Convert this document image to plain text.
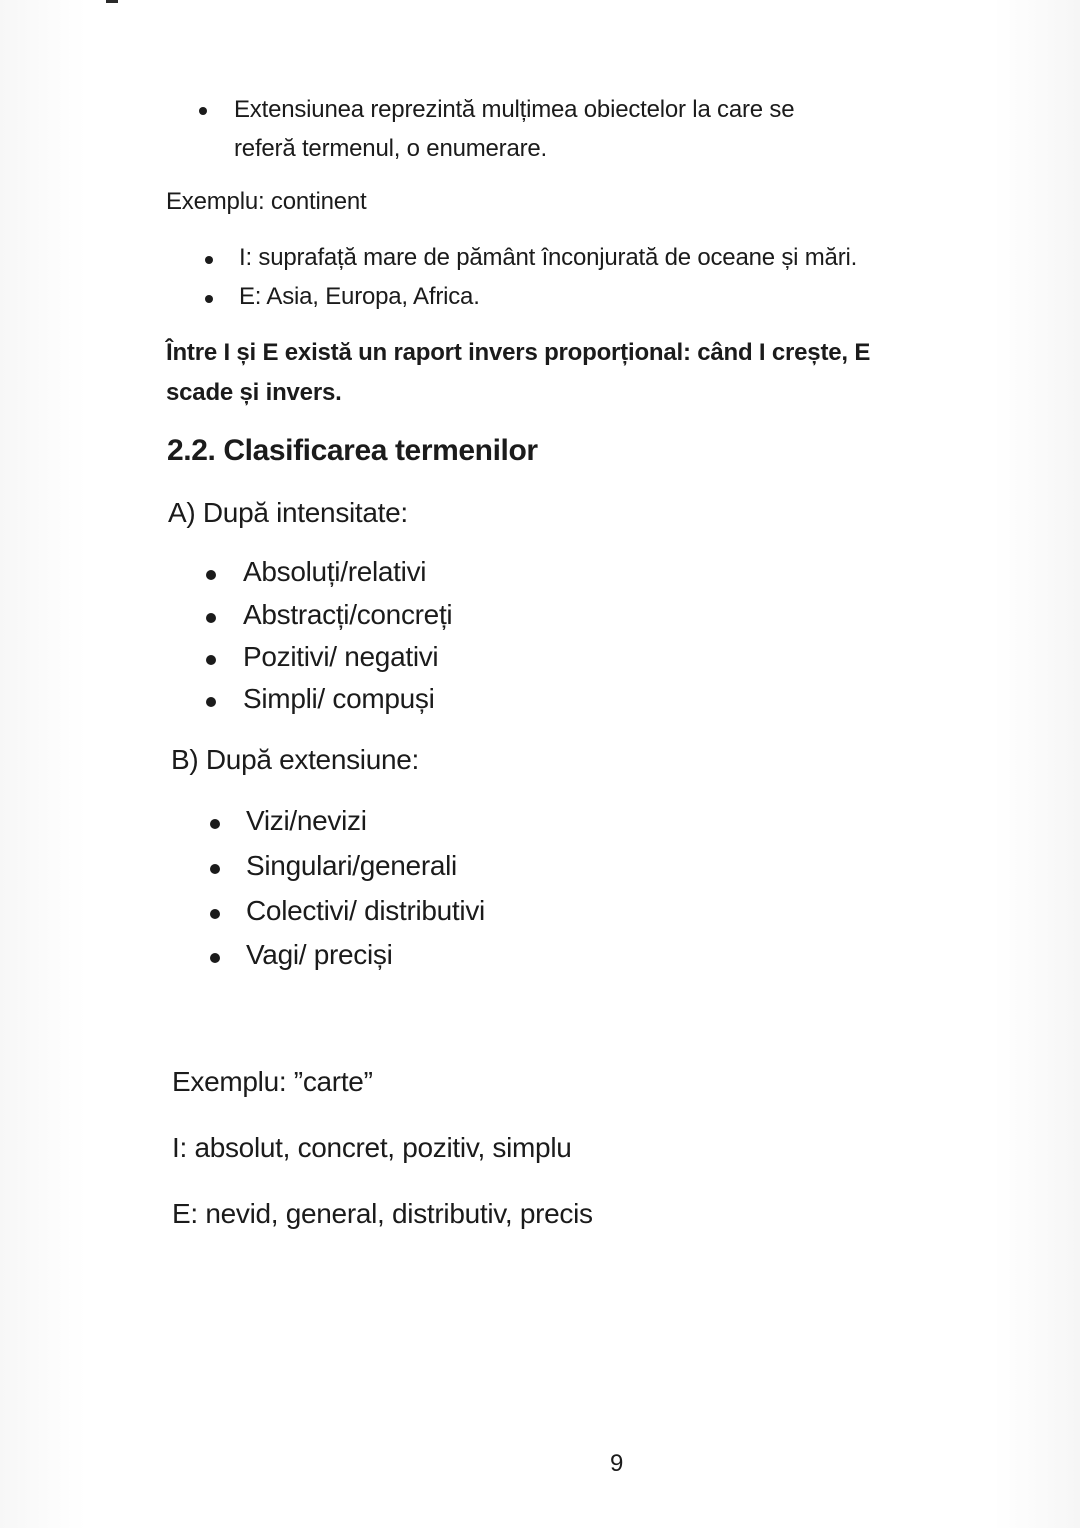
Extensiunea reprezintă mulțimea obiectelor la care se
referă termenul, o enumerare.
Exemplu: continent
I: suprafață mare de pământ înconjurată de oceane și mări.
E: Asia, Europa, Africa.
Între I și E există un raport invers proporțional: când I crește, E
scade și invers.
2.2. Clasificarea termenilor
A) După intensitate:
Absoluți/relativi
Abstracți/concreți
Pozitivi/ negativi
Simpli/ compuși
B) După extensiune:
Vizi/nevizi
Singulari/generali
Colectivi/ distributivi
Vagi/ preciși
Exemplu: ”carte”
I: absolut, concret, pozitiv, simplu
E: nevid, general, distributiv, precis
9
